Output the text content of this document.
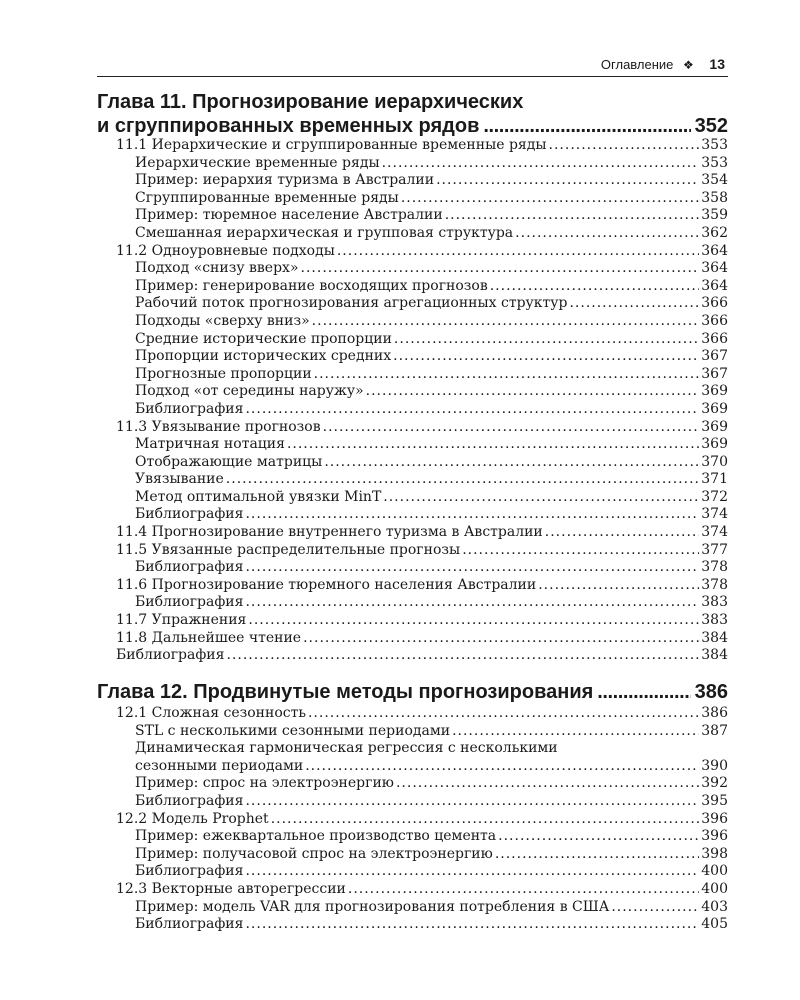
Оглавление ❖ 13
Глава 11. Прогнозирование иерархических
и сгруппированных временных рядов . . .	352
11.1 Иерархические и сгруппированные временные ряды .....	353
Иерархические временные ряды .....	353
Пример: иерархия туризма в Австралии .....	354
Сгруппированные временные ряды .....	358
Пример: тюремное население Австралии .....	359
Смешанная иерархическая и групповая структура .....	362
11.2 Одноуровневые подходы .....	364
Подход «снизу вверх» .....	364
Пример: генерирование восходящих прогнозов .....	364
Рабочий поток прогнозирования агрегационных структур .....	366
Подходы «сверху вниз» .....	366
Средние исторические пропорции .....	366
Пропорции исторических средних .....	367
Прогнозные пропорции .....	367
Подход «от середины наружу» .....	369
Библиография .....	369
11.3 Увязывание прогнозов .....	369
Матричная нотация .....	369
Отображающие матрицы .....	370
Увязывание .....	371
Метод оптимальной увязки MinT .....	372
Библиография .....	374
11.4 Прогнозирование внутреннего туризма в Австралии .....	374
11.5 Увязанные распределительные прогнозы .....	377
Библиография .....	378
11.6 Прогнозирование тюремного населения Австралии .....	378
Библиография .....	383
11.7 Упражнения .....	383
11.8 Дальнейшее чтение .....	384
Библиография .....	384
Глава 12. Продвинутые методы прогнозирования . . .	386
12.1 Сложная сезонность .....	386
STL с несколькими сезонными периодами .....	387
Динамическая гармоническая регрессия с несколькими
сезонными периодами .....	390
Пример: спрос на электроэнергию .....	392
Библиография .....	395
12.2 Модель Prophet .....	396
Пример: ежеквартальное производство цемента .....	396
Пример: получасовой спрос на электроэнергию .....	398
Библиография .....	400
12.3 Векторные авторегрессии .....	400
Пример: модель VAR для прогнозирования потребления в США .....	403
Библиография .....	405
